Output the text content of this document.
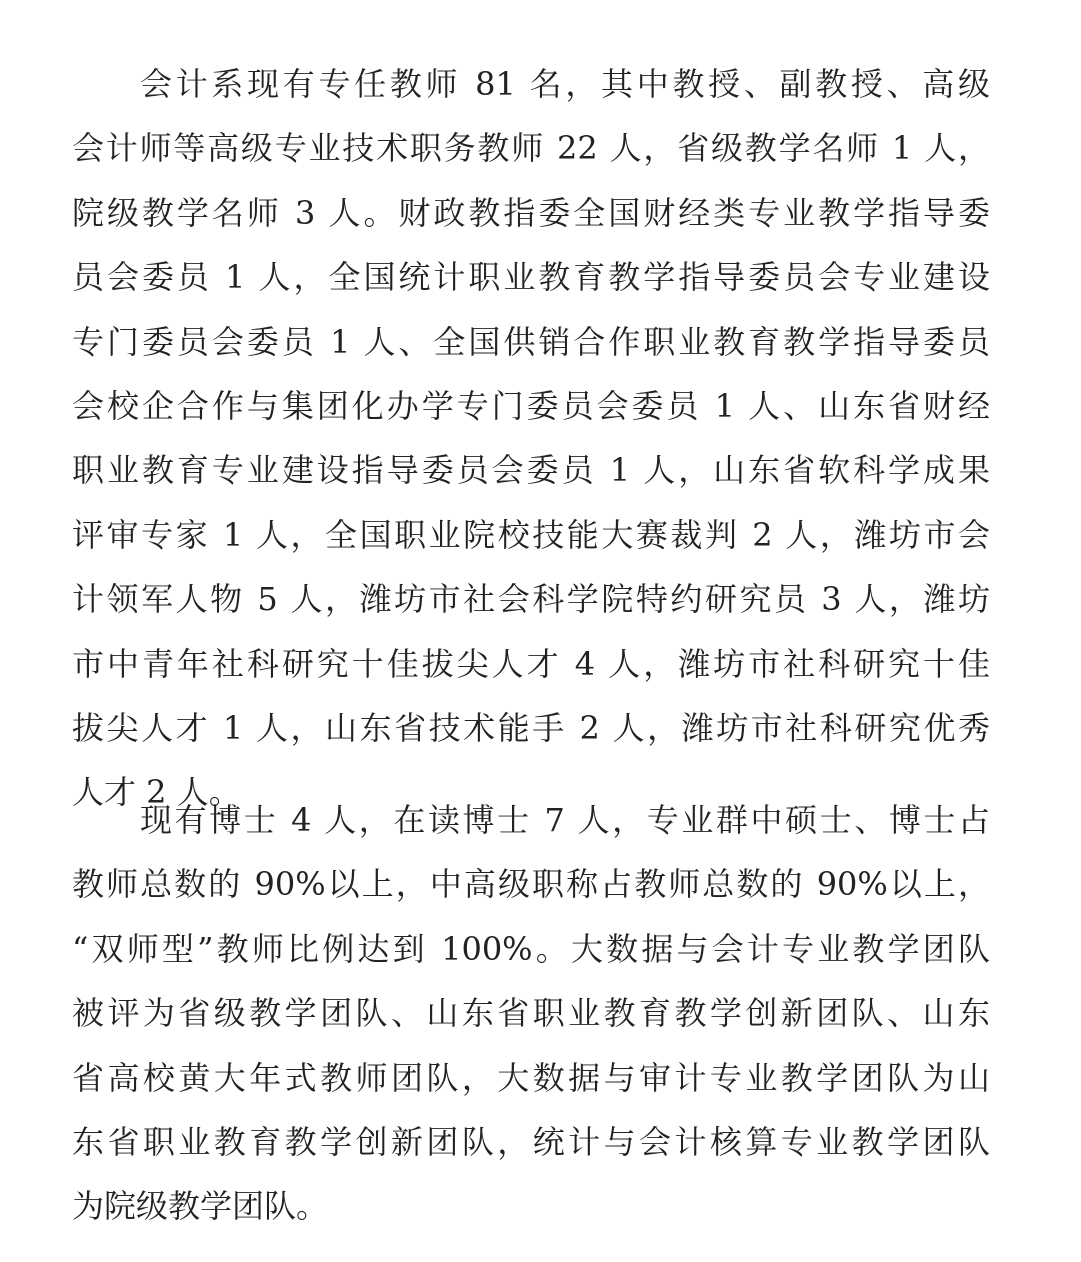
会计系现有专任教师 81 名，其中教授、副教授、高级
会计师等高级专业技术职务教师 22 人，省级教学名师 1 人，
院级教学名师 3 人。财政教指委全国财经类专业教学指导委
员会委员 1 人，全国统计职业教育教学指导委员会专业建设
专门委员会委员 1 人、全国供销合作职业教育教学指导委员
会校企合作与集团化办学专门委员会委员 1 人、山东省财经
职业教育专业建设指导委员会委员 1 人，山东省软科学成果
评审专家 1 人，全国职业院校技能大赛裁判 2 人，潍坊市会
计领军人物 5 人，潍坊市社会科学院特约研究员 3 人，潍坊
市中青年社科研究十佳拔尖人才 4 人，潍坊市社科研究十佳
拔尖人才 1 人，山东省技术能手 2 人，潍坊市社科研究优秀
人才 2 人。
现有博士 4 人，在读博士 7 人，专业群中硕士、博士占
教师总数的 90%以上，中高级职称占教师总数的 90%以上，
“双师型”教师比例达到 100%。大数据与会计专业教学团队
被评为省级教学团队、山东省职业教育教学创新团队、山东
省高校黄大年式教师团队，大数据与审计专业教学团队为山
东省职业教育教学创新团队，统计与会计核算专业教学团队
为院级教学团队。
